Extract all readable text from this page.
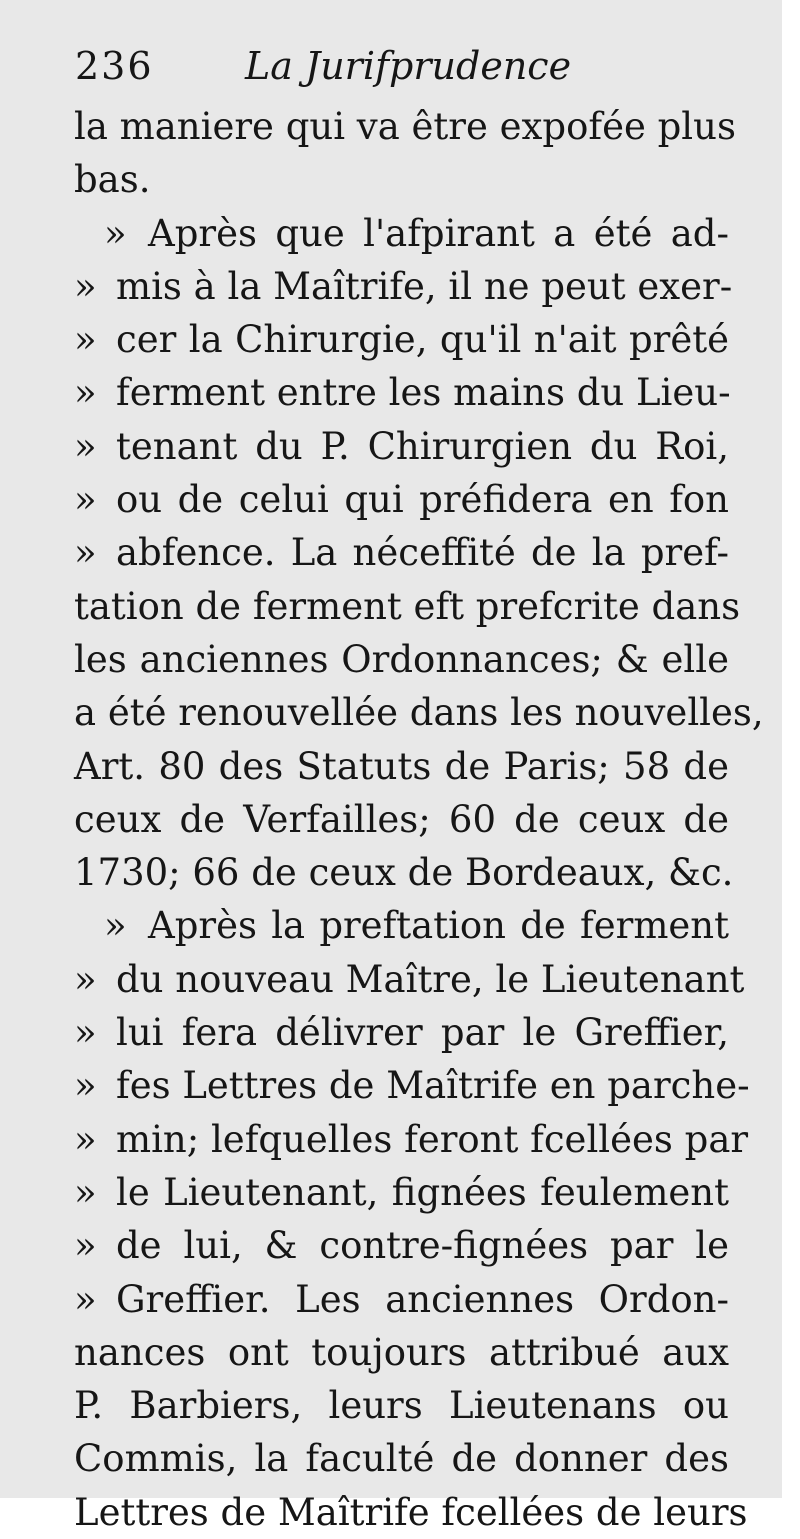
236 La Jurifprudence
la maniere qui va être expofée plus
bas.
» Après que l'afpirant a été ad-
» mis à la Maîtrife, il ne peut exer-
» cer la Chirurgie, qu'il n'ait prêté
» ferment entre les mains du Lieu-
» tenant du P. Chirurgien du Roi,
» ou de celui qui préfidera en fon
» abfence. La néceffité de la pref-
tation de ferment eft prefcrite dans
les anciennes Ordonnances; & elle
a été renouvellée dans les nouvelles,
Art. 80 des Statuts de Paris; 58 de
ceux de Verfailles; 60 de ceux de
1730; 66 de ceux de Bordeaux, &c.
» Après la preftation de ferment
» du nouveau Maître, le Lieutenant
» lui fera délivrer par le Greffier,
» fes Lettres de Maîtrife en parche-
» min; lefquelles feront fcellées par
» le Lieutenant, fignées feulement
» de lui, & contre-fignées par le
» Greffier. Les anciennes Ordon-
nances ont toujours attribué aux
P. Barbiers, leurs Lieutenans ou
Commis, la faculté de donner des
Lettres de Maîtrife fcellées de leurs
